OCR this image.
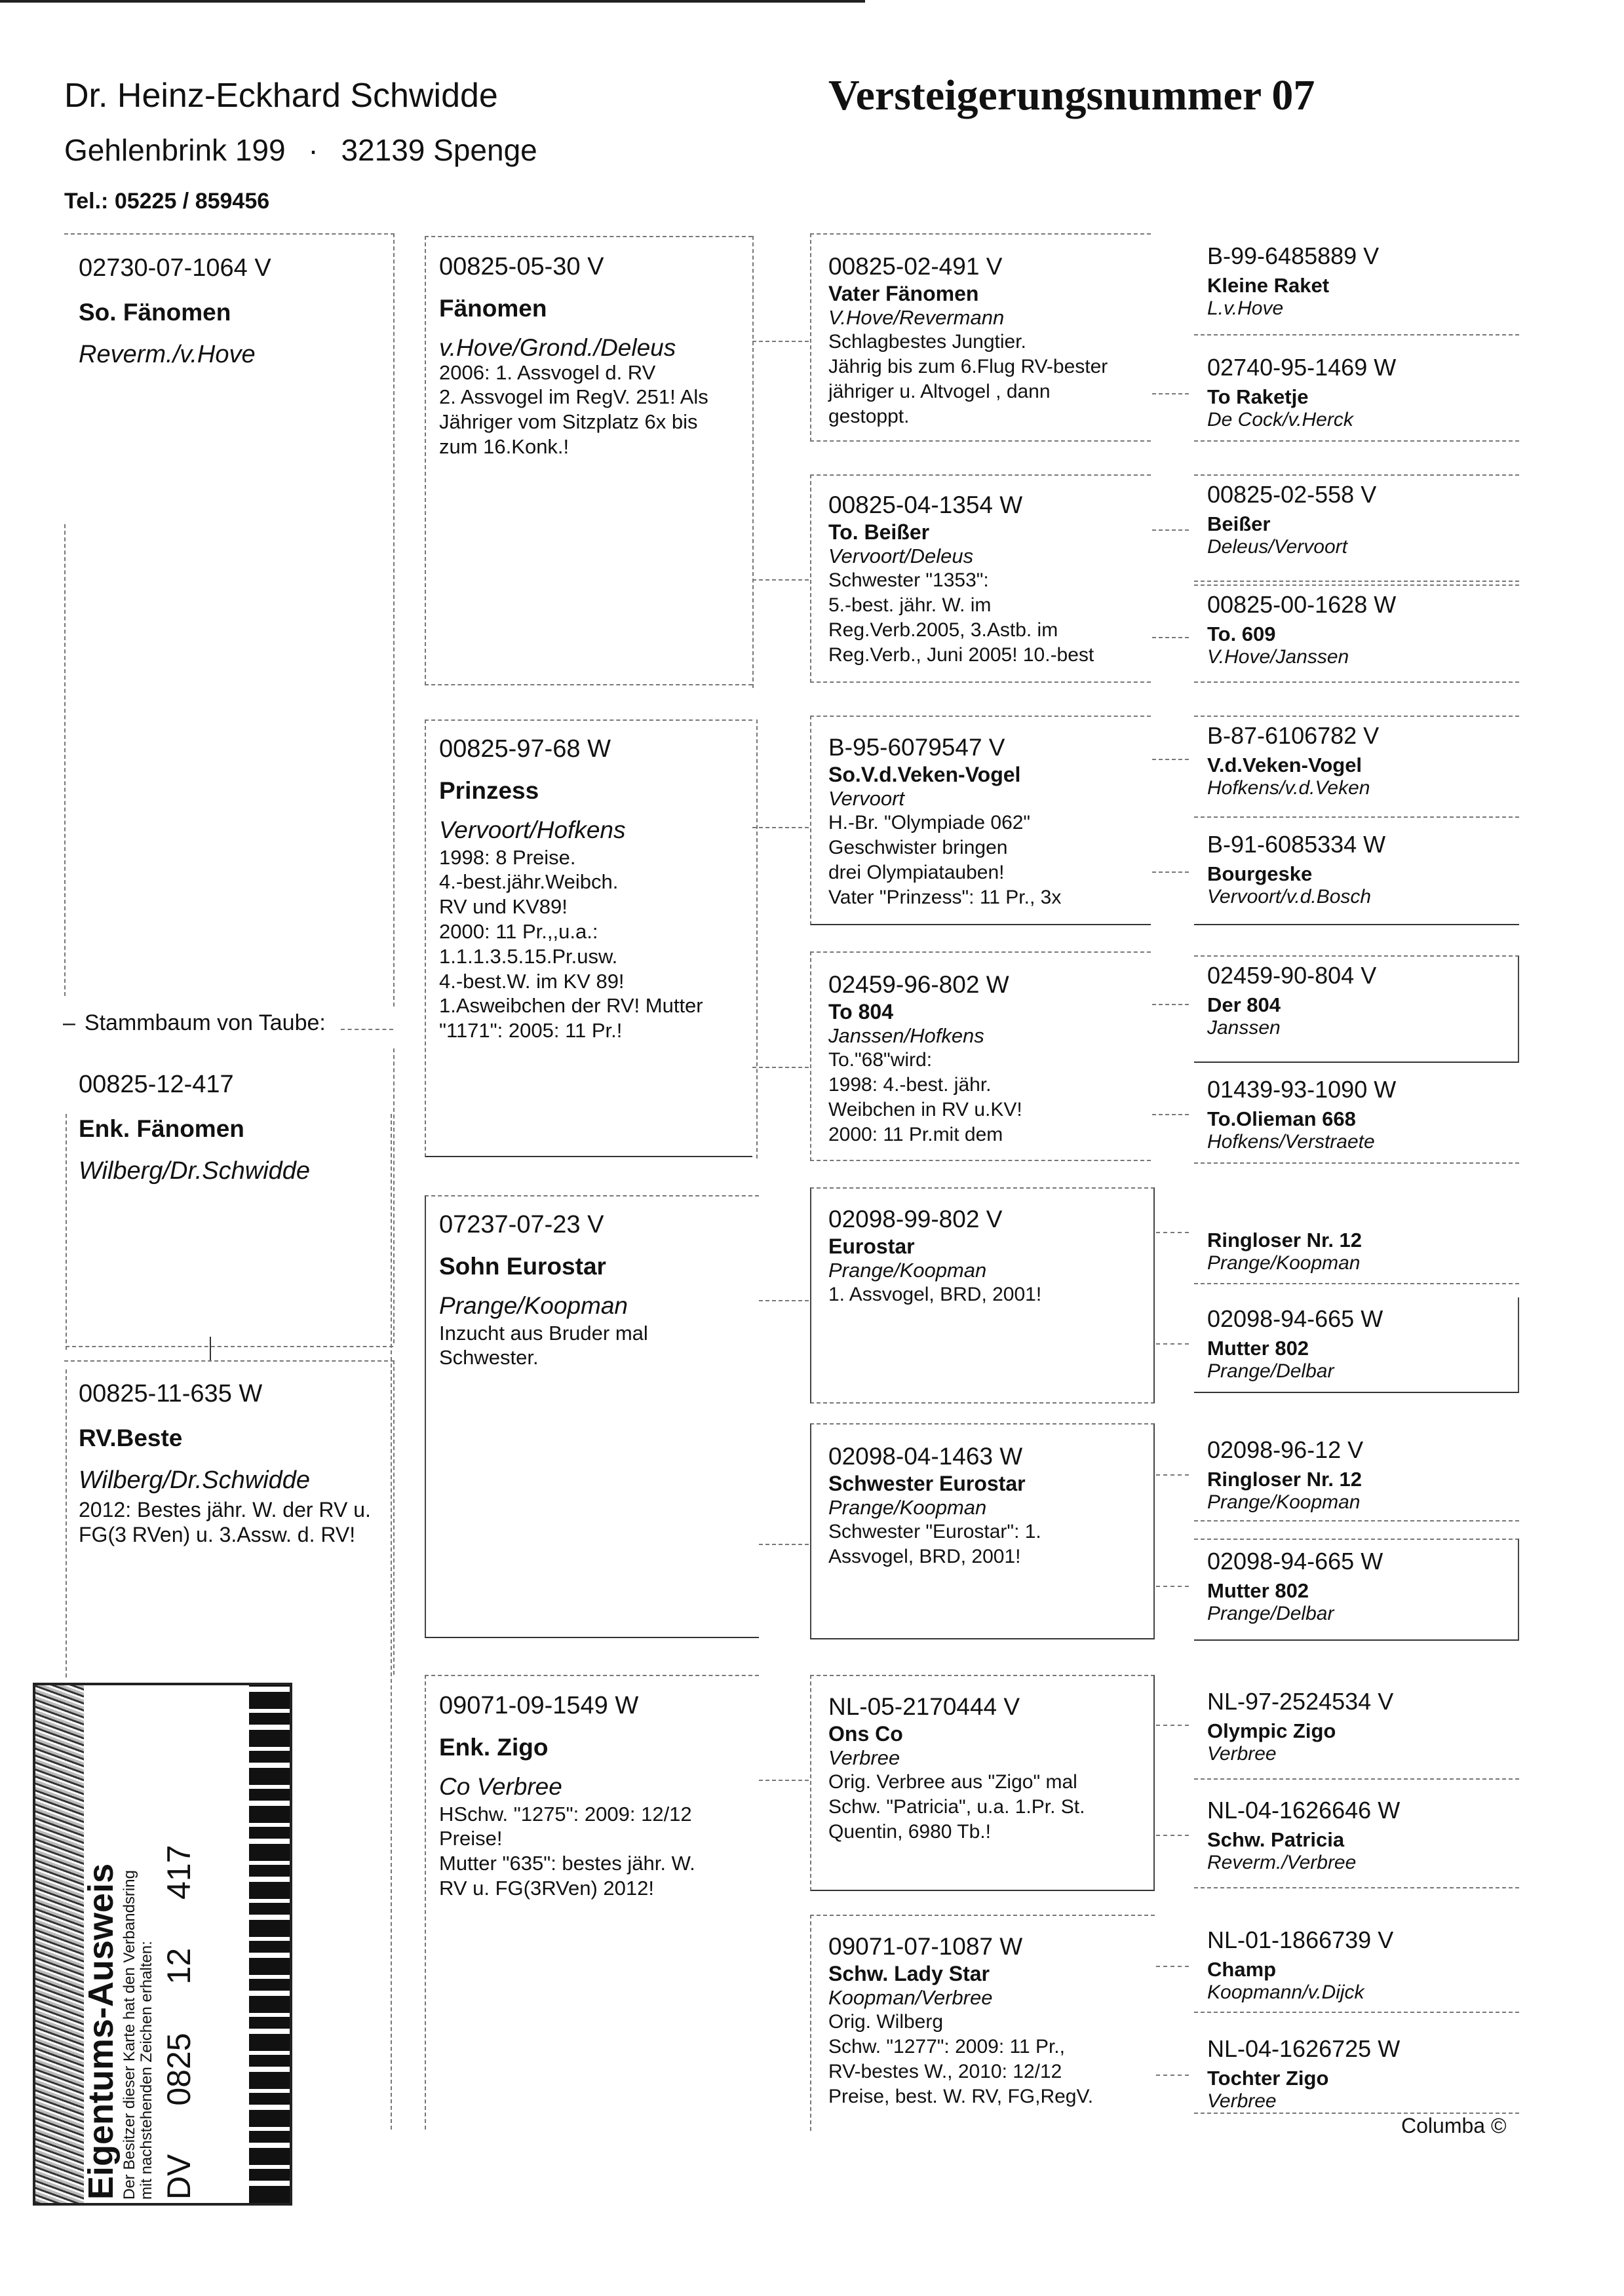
Dr. Heinz-Eckhard Schwidde
Gehlenbrink 199 · 32139 Spenge
Tel.: 05225 / 859456
Versteigerungsnummer 07
02730-07-1064 V
So. Fänomen
Reverm./v.Hove
– Stammbaum von Taube:
00825-12-417
Enk. Fänomen
Wilberg/Dr.Schwidde
00825-11-635 W
RV.Beste
Wilberg/Dr.Schwidde
2012: Bestes jähr. W. der RV u.
FG(3 RVen) u. 3.Assw. d. RV!
00825-05-30 V
Fänomen
v.Hove/Grond./Deleus
2006: 1. Assvogel d. RV
2. Assvogel im RegV. 251! Als
Jähriger vom Sitzplatz 6x bis
zum 16.Konk.!
00825-97-68 W
Prinzess
Vervoort/Hofkens
1998: 8 Preise.
4.-best.jähr.Weibch.
RV und KV89!
2000: 11 Pr.,,u.a.:
1.1.1.3.5.15.Pr.usw.
4.-best.W. im KV 89!
1.Asweibchen der RV! Mutter
"1171": 2005: 11 Pr.!
07237-07-23 V
Sohn Eurostar
Prange/Koopman
Inzucht aus Bruder mal
Schwester.
09071-09-1549 W
Enk. Zigo
Co Verbree
HSchw. "1275": 2009: 12/12
Preise!
Mutter "635": bestes jähr. W.
RV u. FG(3RVen) 2012!
00825-02-491 V
Vater Fänomen
V.Hove/Revermann
Schlagbestes Jungtier.
Jährig bis zum 6.Flug RV-bester
jähriger u. Altvogel , dann
gestoppt.
00825-04-1354 W
To. Beißer
Vervoort/Deleus
Schwester "1353":
5.-best. jähr. W. im
Reg.Verb.2005, 3.Astb. im
Reg.Verb., Juni 2005! 10.-best
B-95-6079547 V
So.V.d.Veken-Vogel
Vervoort
H.-Br. "Olympiade 062"
Geschwister bringen
drei Olympiatauben!
Vater "Prinzess": 11 Pr., 3x
02459-96-802 W
To 804
Janssen/Hofkens
To."68"wird:
1998: 4.-best. jähr.
Weibchen in RV u.KV!
2000: 11 Pr.mit dem
02098-99-802 V
Eurostar
Prange/Koopman
1. Assvogel, BRD, 2001!
02098-04-1463 W
Schwester Eurostar
Prange/Koopman
Schwester "Eurostar": 1.
Assvogel, BRD, 2001!
NL-05-2170444 V
Ons Co
Verbree
Orig. Verbree aus "Zigo" mal
Schw. "Patricia", u.a. 1.Pr. St.
Quentin, 6980 Tb.!
09071-07-1087 W
Schw. Lady Star
Koopman/Verbree
Orig. Wilberg
Schw. "1277": 2009: 11 Pr.,
RV-bestes W., 2010: 12/12
Preise, best. W. RV, FG,RegV.
B-99-6485889 V
Kleine Raket
L.v.Hove
02740-95-1469 W
To Raketje
De Cock/v.Herck
00825-02-558 V
Beißer
Deleus/Vervoort
00825-00-1628 W
To. 609
V.Hove/Janssen
B-87-6106782 V
V.d.Veken-Vogel
Hofkens/v.d.Veken
B-91-6085334 W
Bourgeske
Vervoort/v.d.Bosch
02459-90-804 V
Der 804
Janssen
01439-93-1090 W
To.Olieman 668
Hofkens/Verstraete
Ringloser Nr. 12
Prange/Koopman
02098-94-665 W
Mutter 802
Prange/Delbar
02098-96-12 V
Ringloser Nr. 12
Prange/Koopman
02098-94-665 W
Mutter 802
Prange/Delbar
NL-97-2524534 V
Olympic Zigo
Verbree
NL-04-1626646 W
Schw. Patricia
Reverm./Verbree
NL-01-1866739 V
Champ
Koopmann/v.Dijck
NL-04-1626725 W
Tochter Zigo
Verbree
Eigentums-Ausweis Der Besitzer dieser Karte hat den Verbandsring mit nachstehenden Zeichen erhalten: DV 0825 12 417
Columba ©
